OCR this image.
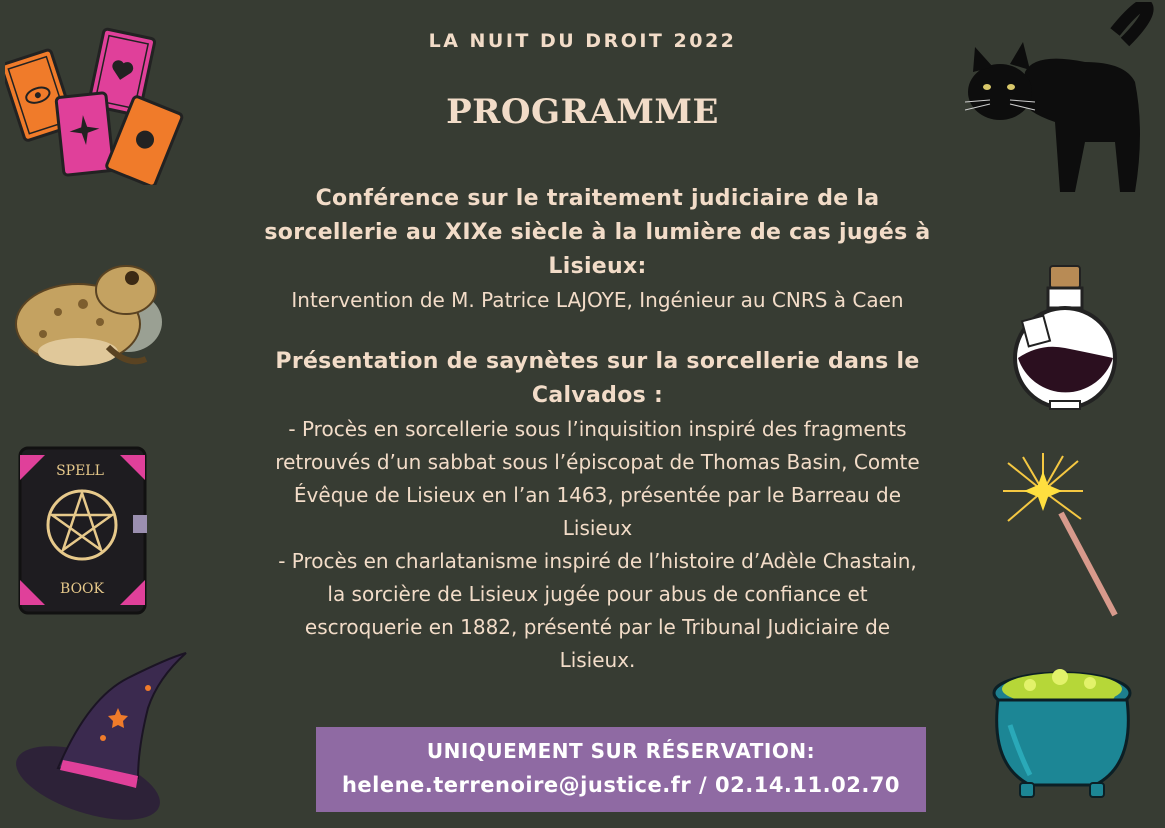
LA NUIT DU DROIT 2022
PROGRAMME

Conférence sur le traitement judiciaire de la

sorcellerie au XIXe siècle à la lumière de cas jugés à

Lisieux:

Intervention de M. Patrice LAJOYE, Ingénieur au CNRS à Caen

Présentation de saynètes sur la sorcellerie dans le

Calvados :

- Procès en sorcellerie sous l’inquisition inspiré des fragments

retrouvés d’un sabbat sous l’épiscopat de Thomas Basin, Comte

Évêque de Lisieux en l’an 1463, présentée par le Barreau de

Lisieux

- Procès en charlatanisme inspiré de l’histoire d’Adèle Chastain,

la sorcière de Lisieux jugée pour abus de confiance et

escroquerie en 1882, présenté par le Tribunal Judiciaire de

Lisieux.

UNIQUEMENT SUR RÉSERVATION:
helene.terrenoire@justice.fr / 02.14.11.02.70
SPELL
BOOK
